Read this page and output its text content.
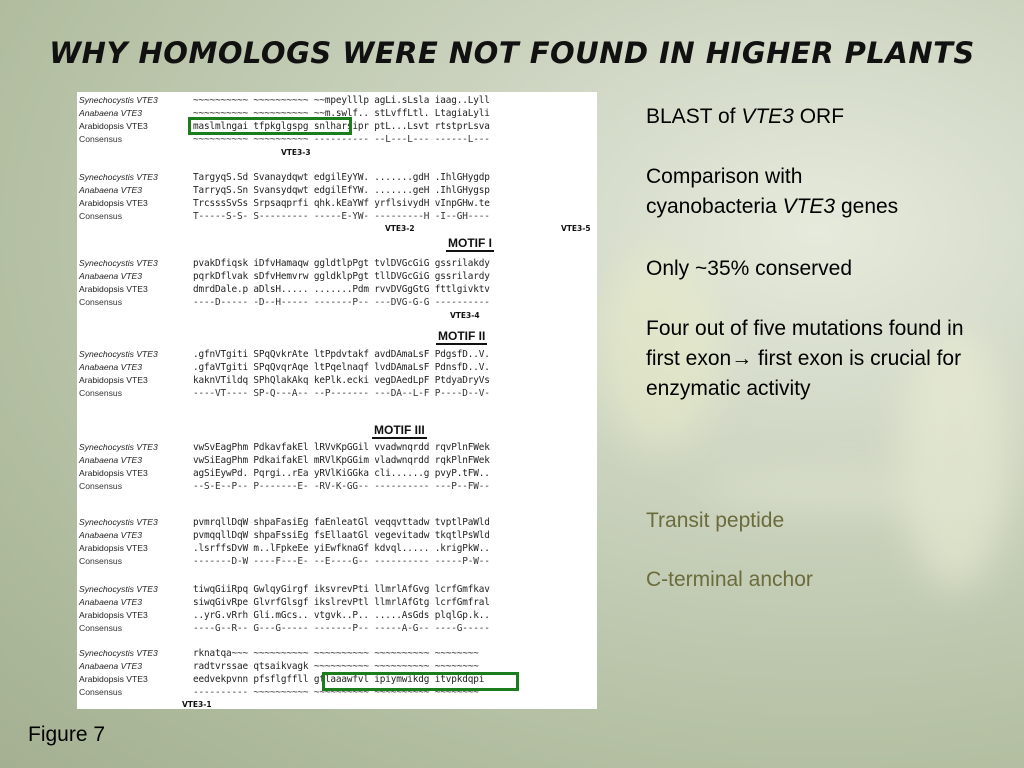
WHY HOMOLOGS WERE NOT FOUND IN HIGHER PLANTS
Synechocystis VTE3	~~~~~~~~~~ ~~~~~~~~~~ ~~mpeylllp agLi.sLsla iaag..Lyll
Anabaena VTE3	~~~~~~~~~~ ~~~~~~~~~~ ~~m.swlf.. stLvffLtl. LtagiaLyli
Arabidopsis VTE3	maslmlngai tfpkglgspg snlharsipr ptL...Lsvt rtstprLsva
Consensus	~~~~~~~~~~ ~~~~~~~~~~ ---------- --L---L--- ------L---
Synechocystis VTE3	TargyqS.Sd Svanaydqwt edgilEyYW. .......gdH .IhlGHygdp
Anabaena VTE3	TarryqS.Sn Svansydqwt edgilEfYW. .......geH .IhlGHygsp
Arabidopsis VTE3	TrcsssSvSs Srpsaqprfi qhk.kEaYWf yrflsivydH vInpGHw.te
Consensus	T-----S-S- S--------- -----E-YW- ---------H -I--GH----
Synechocystis VTE3	pvakDfiqsk iDfvHamaqw ggldtlpPgt tvlDVGcGiG gssrilakdy
Anabaena VTE3	pqrkDflvak sDfvHemvrw ggldklpPgt tllDVGcGiG gssrilardy
Arabidopsis VTE3	dmrdDale.p aDlsH..... .......Pdm rvvDVGgGtG fttlgivktv
Consensus	----D----- -D--H----- -------P-- ---DVG-G-G ----------
Synechocystis VTE3	.gfnVTgiti SPqQvkrAte ltPpdvtakf avdDAmaLsF PdgsfD..V.
Anabaena VTE3	.gfaVTgiti SPqQvqrAqe ltPqelnaqf lvdDAmaLsF PdnsfD..V.
Arabidopsis VTE3	kaknVTildq SPhQlakAkq kePlk.ecki vegDAedLpF PtdyaDryVs
Consensus	----VT---- SP-Q---A-- --P------- ---DA--L-F P----D--V-
Synechocystis VTE3	vwSvEagPhm PdkavfakEl lRVvKpGGil vvadwnqrdd rqvPlnFWek
Anabaena VTE3	vwSiEagPhm PdkaifakEl mRVlKpGGim vladwnqrdd rqkPlnFWek
Arabidopsis VTE3	agSiEywPd. Pqrgi..rEa yRVlKiGGka cli......g pvyP.tFW..
Consensus	--S-E--P-- P-------E- -RV-K-GG-- ---------- ---P--FW--
Synechocystis VTE3	pvmrqllDqW shpaFasiEg faEnleatGl veqqvttadw tvptlPaWld
Anabaena VTE3	pvmqqllDqW shpaFssiEg fsEllaatGl vegevitadw tkqtlPsWld
Arabidopsis VTE3	.lsrffsDvW m..lFpkeEe yiEwfknaGf kdvql..... .krigPkW..
Consensus	-------D-W ----F---E- --E----G-- ---------- -----P-W--
Synechocystis VTE3	tiwqGiiRpq GwlqyGirgf iksvrevPti llmrlAfGvg lcrfGmfkav
Anabaena VTE3	siwqGivRpe GlvrfGlsgf ikslrevPtl llmrlAfGtg lcrfGmfral
Arabidopsis VTE3	..yrG.vRrh Gli.mGcs.. vtgvk..P.. .....AsGds plqlGp.k..
Consensus	----G--R-- G---G----- -------P-- -----A-G-- ----G-----
Synechocystis VTE3	rknatqa~~~ ~~~~~~~~~~ ~~~~~~~~~~ ~~~~~~~~~~ ~~~~~~~~
Anabaena VTE3	radtvrssae qtsaikvagk ~~~~~~~~~~ ~~~~~~~~~~ ~~~~~~~~
Arabidopsis VTE3	eedvekpvnn pfsflgffll gtlaaawfvl ipiymwikdg itvpkdqpi
Consensus	---------- ~~~~~~~~~~ ~~~~~~~~~~ ~~~~~~~~~~ ~~~~~~~~
VTE3-3
VTE3-2	VTE3-5
VTE3-4
VTE3-1
MOTIF I
MOTIF II
MOTIF III
BLAST of VTE3 ORF
Comparison with
cyanobacteria VTE3 genes
Only ~35% conserved
Four out of five mutations found in first exon→ first exon is crucial for enzymatic activity
Transit peptide
C-terminal anchor
Figure 7
